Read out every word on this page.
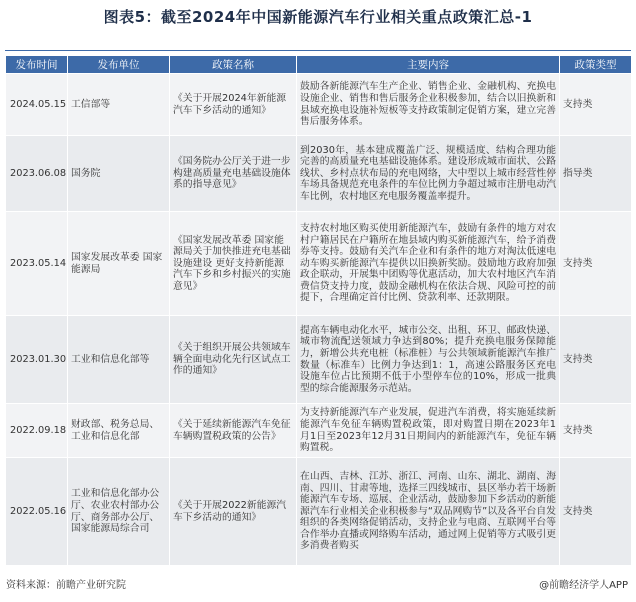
图表5：截至2024年中国新能源汽车行业相关重点政策汇总-1
发布时间	发布单位	政策名称	主要内容	政策类型
2024.05.15	工信部等	《关于开展2024年新能源汽车下乡活动的通知》	鼓励各新能源汽车生产企业、销售企业、金融机构、充换电设施企业、销售和售后服务企业积极参加，结合以旧换新和县域充换电设施补短板等支持政策制定促销方案，建立完善售后服务体系。	支持类
2023.06.08	国务院	《国务院办公厅关于进一步构建高质量充电基础设施体系的指导意见》	到2030年，基本建成覆盖广泛、规模适度、结构合理功能完善的高质量充电基础设施体系。建设形成城市面状、公路线状、乡村点状布局的充电网络，大中型以上城市经营性停车场具备规范充电条件的车位比例力争超过城市注册电动汽车比例，农村地区充电服务覆盖率提升。	指导类
2023.05.14	国家发展改革委 国家能源局	《国家发展改革委 国家能源局关于加快推进充电基础设施建设 更好支持新能源汽车下乡和乡村振兴的实施意见》	支持农村地区购买使用新能源汽车，鼓励有条件的地方对农村户籍居民在户籍所在地县域内购买新能源汽车，给予消费券等支持。鼓励有关汽车企业和有条件的地方对淘汰低速电动车购买新能源汽车提供以旧换新奖励。鼓励地方政府加强政企联动，开展集中团购等优惠活动，加大农村地区汽车消费信贷支持力度，鼓励金融机构在依法合规、风险可控的前提下，合理确定首付比例、贷款利率、还款期限。	支持类
2023.01.30	工业和信息化部等	《关于组织开展公共领域车辆全面电动化先行区试点工作的通知》	提高车辆电动化水平，城市公交、出租、环卫、邮政快递、城市物流配送领域力争达到80%；提升充换电服务保障能力，新增公共充电桩（标准桩）与公共领域新能源汽车推广数量（标准车）比例力争达到1：1，高速公路服务区充电设施车位占比预期不低于小型停车位的10%，形成一批典型的综合能源服务示范站。	支持类
2022.09.18	财政部、税务总局、工业和信息化部	《关于延续新能源汽车免征车辆购置税政策的公告》	为支持新能源汽车产业发展，促进汽车消费，将实施延续新能源汽车免征车辆购置税政策，即对购置日期在2023年1月1日至2023年12月31日期间内的新能源汽车，免征车辆购置税。	支持类
2022.05.16	工业和信息化部办公厅、农业农村部办公厅、商务部办公厅、国家能源局综合司	《关于开展2022新能源汽车下乡活动的通知》	在山西、吉林、江苏、浙江、河南、山东、湖北、湖南、海南、四川、甘肃等地，选择三四线城市、县区举办若干场新能源汽车专场、巡展、企业活动，鼓励参加下乡活动的新能源汽车行业相关企业积极参与“双品网购节”以及各平台自发组织的各类网络促销活动，支持企业与电商、互联网平台等合作举办直播或网络购车活动，通过网上促销等方式吸引更多消费者购买	支持类
资料来源：前瞻产业研究院	@前瞻经济学人APP
